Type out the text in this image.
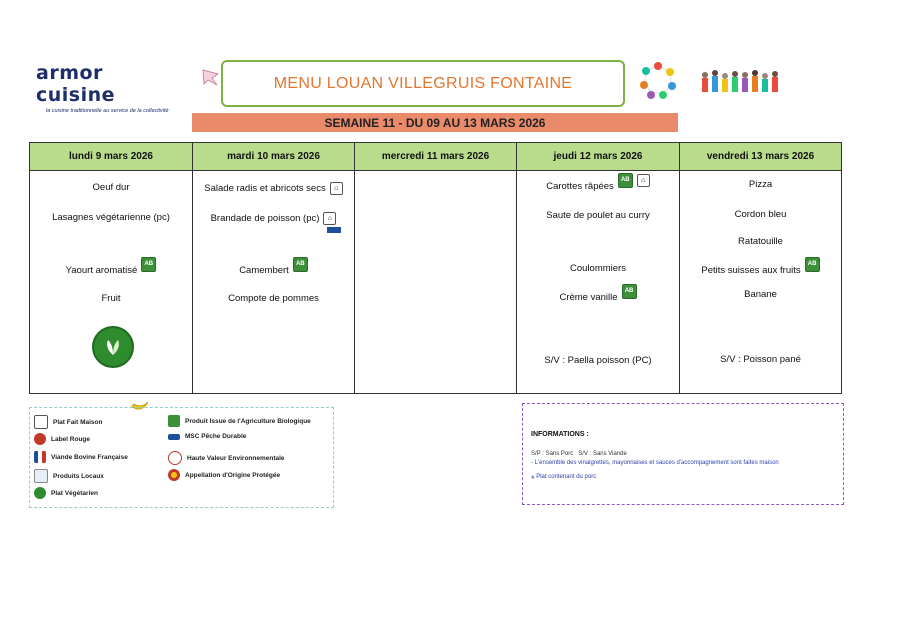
armor cuisine
la cuisine traditionnelle au service de la collectivité
MENU LOUAN VILLEGRUIS FONTAINE
SEMAINE 11 - DU 09 AU 13 MARS 2026
lundi 9 mars 2026
Oeuf dur
Lasagnes végétarienne (pc)
Yaourt aromatiséAB
Fruit
mardi 10 mars 2026
Salade radis et abricots secs ⌂
Brandade de poisson (pc) ⌂

CamembertAB
Compote de pommes
mercredi 11 mars 2026	jeudi 12 mars 2026
Carottes râpéesAB ⌂
Saute de poulet au curry
Coulommiers
Crème vanilleAB
S/V : Paella poisson (PC)
vendredi 13 mars 2026
Pizza
Cordon bleu
Ratatouille
Petits suisses aux fruitsAB
Banane
S/V : Poisson pané
Plat Fait Maison
Label Rouge
Viande Bovine Française
Produits Locaux
Plat Végétarien
Produit Issue de l'Agriculture Biologique
MSC Pêche Durable
Haute Valeur Environnementale
Appellation d'Origine Protégée
INFORMATIONS :
S/P : Sans Porc S/V : Sans Viande
- L'ensemble des vinaigrettes, mayonnaises et sauces d'accompagnement sont faites maison
* Plat contenant du porc
